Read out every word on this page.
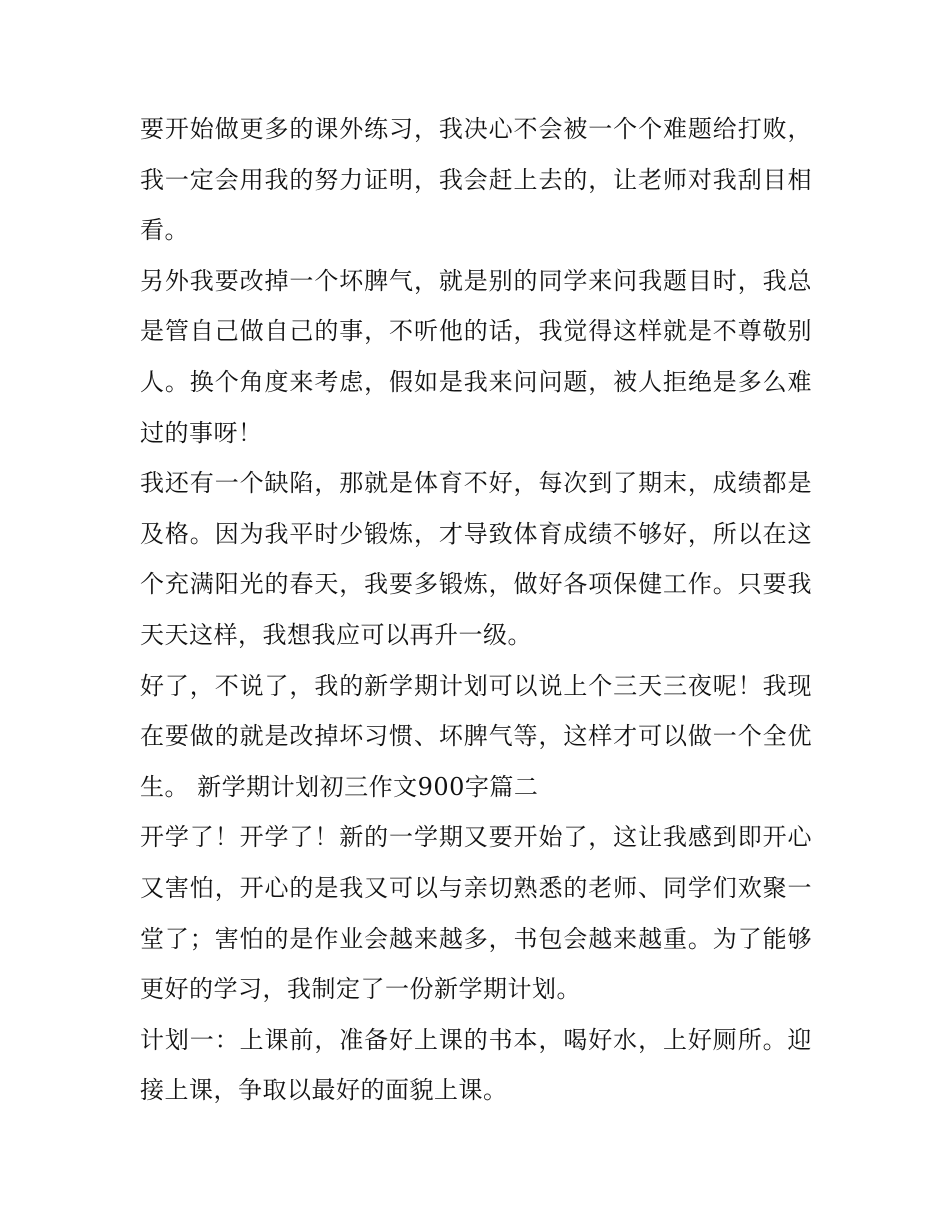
要开始做更多的课外练习，我决心不会被一个个难题给打败，我一定会用我的努力证明，我会赶上去的，让老师对我刮目相看。

另外我要改掉一个坏脾气，就是别的同学来问我题目时，我总是管自己做自己的事，不听他的话，我觉得这样就是不尊敬别人。换个角度来考虑，假如是我来问问题，被人拒绝是多么难过的事呀！

我还有一个缺陷，那就是体育不好，每次到了期末，成绩都是及格。因为我平时少锻炼，才导致体育成绩不够好，所以在这个充满阳光的春天，我要多锻炼，做好各项保健工作。只要我天天这样，我想我应可以再升一级。

好了，不说了，我的新学期计划可以说上个三天三夜呢！我现在要做的就是改掉坏习惯、坏脾气等，这样才可以做一个全优生。 新学期计划初三作文900字篇二

开学了！开学了！新的一学期又要开始了，这让我感到即开心又害怕，开心的是我又可以与亲切熟悉的老师、同学们欢聚一堂了；害怕的是作业会越来越多，书包会越来越重。为了能够更好的学习，我制定了一份新学期计划。

计划一：上课前，准备好上课的书本，喝好水，上好厕所。迎接上课，争取以最好的面貌上课。
